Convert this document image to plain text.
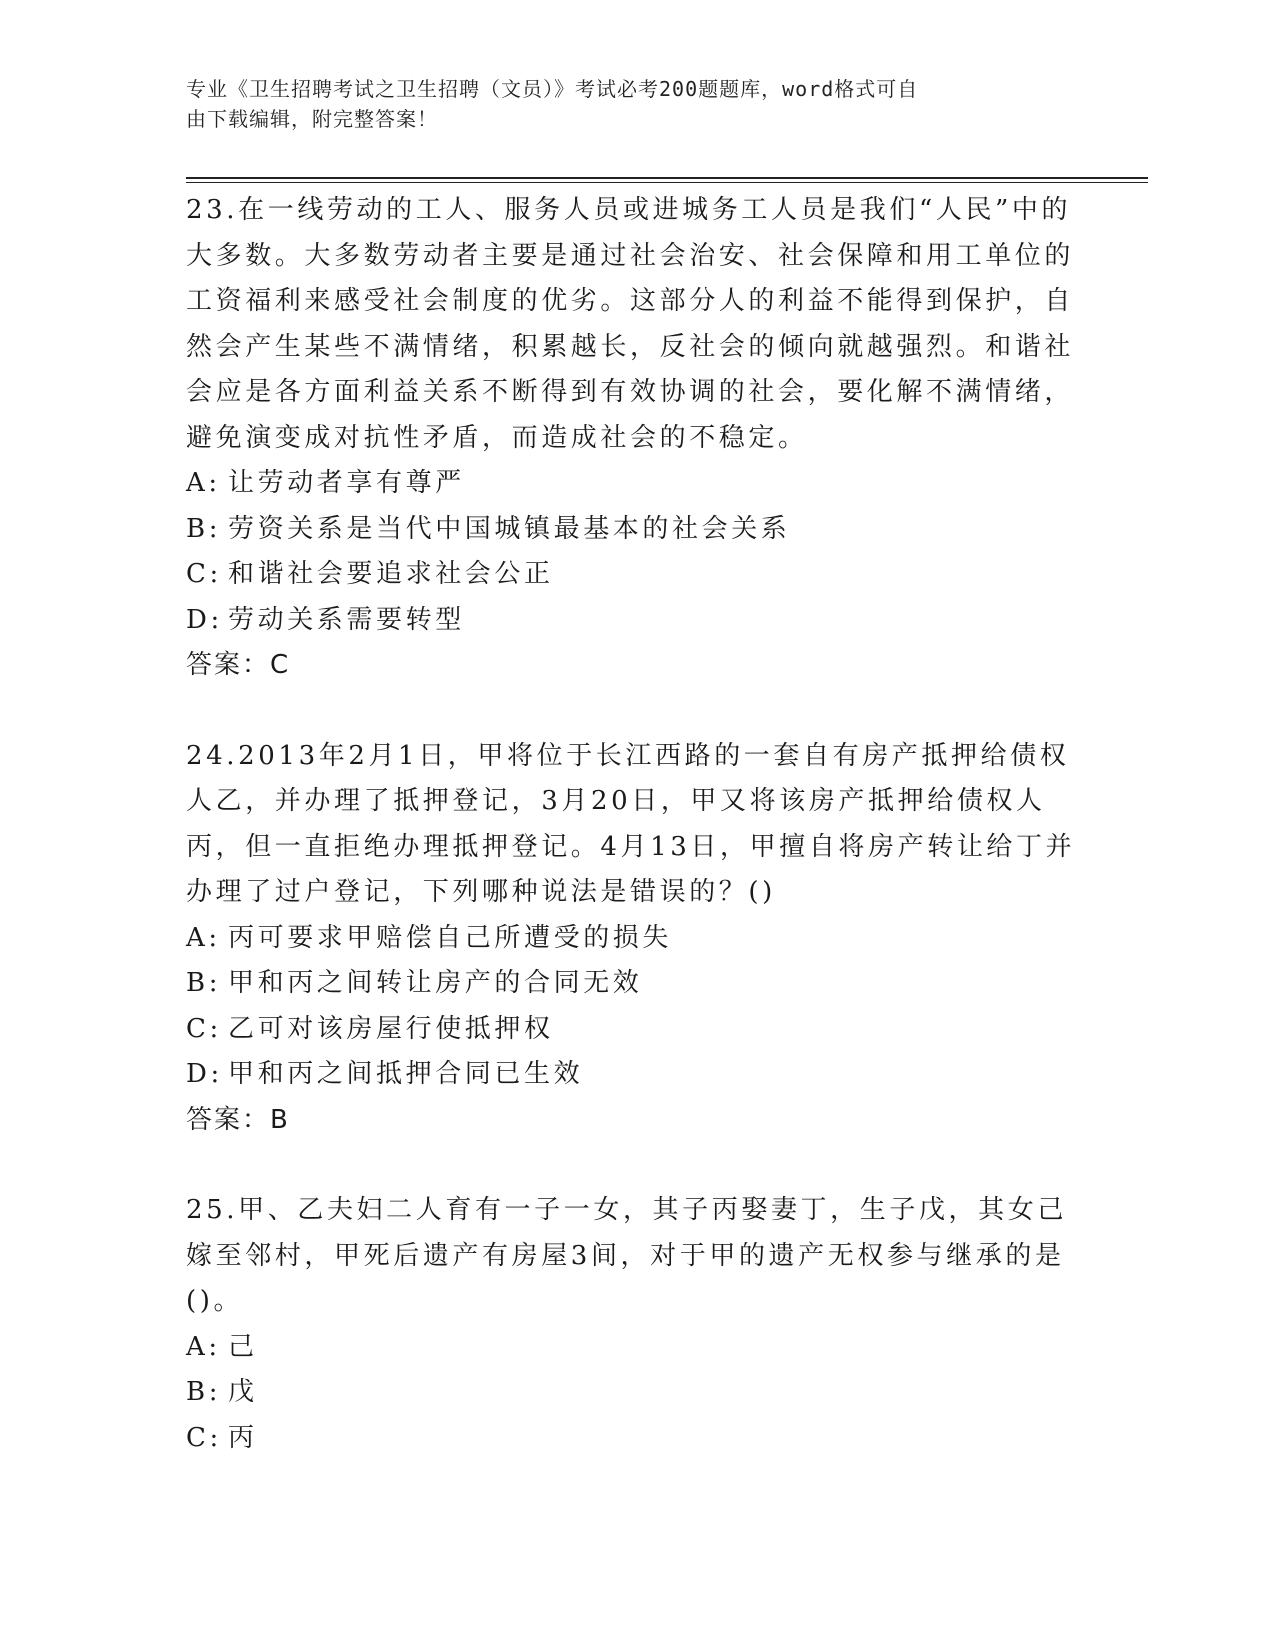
专业《卫生招聘考试之卫生招聘（文员）》考试必考200题题库，word格式可自
由下载编辑，附完整答案！

23.在一线劳动的工人、服务人员或进城务工人员是我们“人民”中的大多数。大多数劳动者主要是通过社会治安、社会保障和用工单位的工资福利来感受社会制度的优劣。这部分人的利益不能得到保护，自然会产生某些不满情绪，积累越长，反社会的倾向就越强烈。和谐社会应是各方面利益关系不断得到有效协调的社会，要化解不满情绪，避免演变成对抗性矛盾，而造成社会的不稳定。

A: 让劳动者享有尊严

B: 劳资关系是当代中国城镇最基本的社会关系

C: 和谐社会要追求社会公正

D: 劳动关系需要转型

答案：C

24.2013年2月1日，甲将位于长江西路的一套自有房产抵押给债权人乙，并办理了抵押登记，3月20日，甲又将该房产抵押给债权人丙，但一直拒绝办理抵押登记。4月13日，甲擅自将房产转让给丁并办理了过户登记，下列哪种说法是错误的？()

A: 丙可要求甲赔偿自己所遭受的损失

B: 甲和丙之间转让房产的合同无效

C: 乙可对该房屋行使抵押权

D: 甲和丙之间抵押合同已生效

答案：B

25.甲、乙夫妇二人育有一子一女，其子丙娶妻丁，生子戊，其女己嫁至邻村，甲死后遗产有房屋3间，对于甲的遗产无权参与继承的是()。

A: 己

B: 戊

C: 丙
